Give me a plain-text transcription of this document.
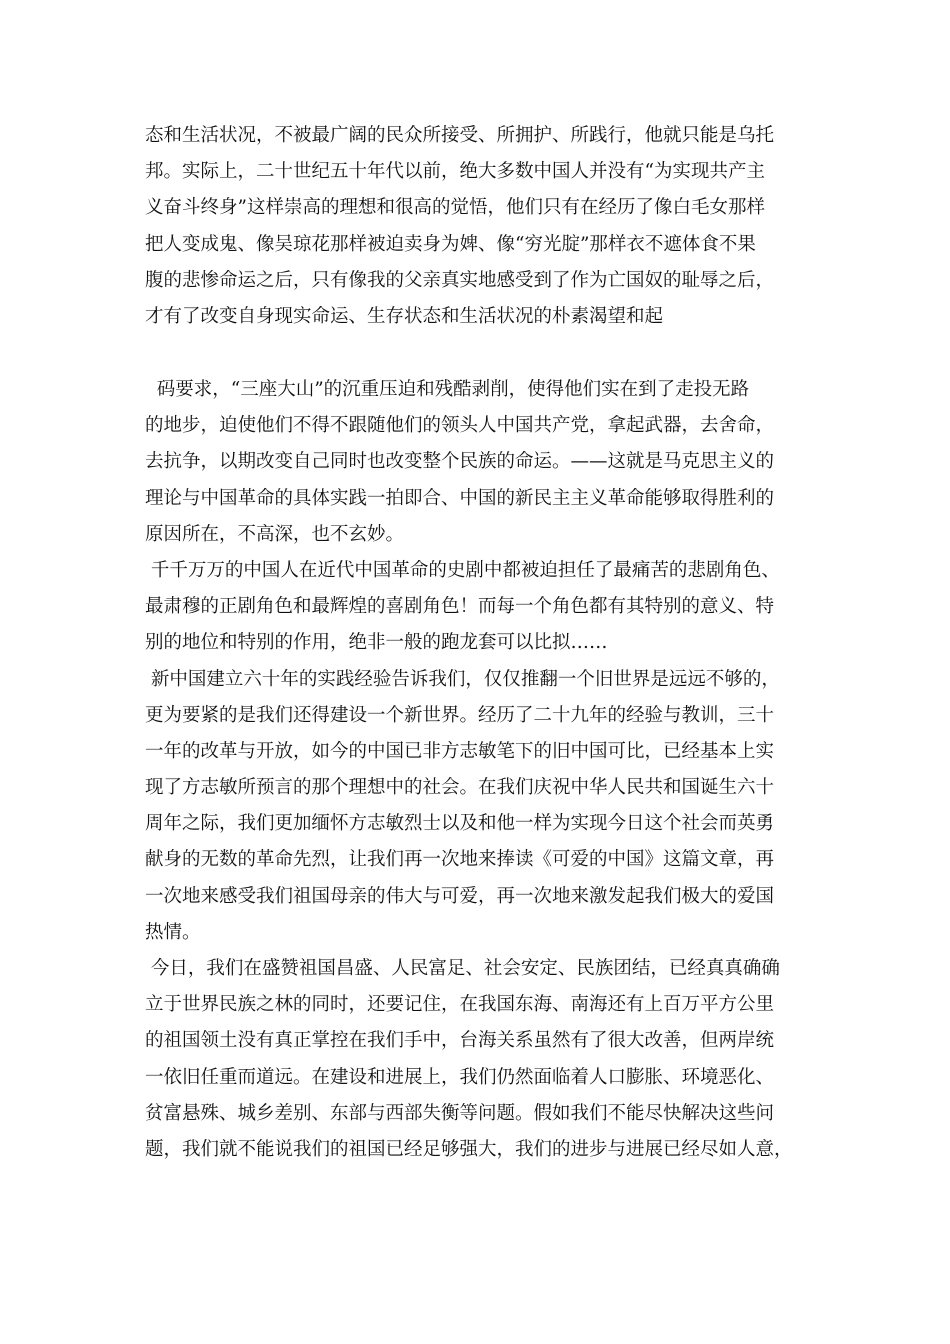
态和生活状况，不被最广阔的民众所接受、所拥护、所践行，他就只能是乌托
邦。实际上，二十世纪五十年代以前，绝大多数中国人并没有“为实现共产主
义奋斗终身”这样崇高的理想和很高的觉悟，他们只有在经历了像白毛女那样
把人变成鬼、像吴琼花那样被迫卖身为婢、像“穷光腚”那样衣不遮体食不果
腹的悲惨命运之后，只有像我的父亲真实地感受到了作为亡国奴的耻辱之后，
才有了改变自身现实命运、生存状态和生活状况的朴素渴望和起
码要求，“三座大山”的沉重压迫和残酷剥削，使得他们实在到了走投无路
的地步，迫使他们不得不跟随他们的领头人中国共产党，拿起武器，去舍命，
去抗争，以期改变自己同时也改变整个民族的命运。——这就是马克思主义的
理论与中国革命的具体实践一拍即合、中国的新民主主义革命能够取得胜利的
原因所在，不高深，也不玄妙。
千千万万的中国人在近代中国革命的史剧中都被迫担任了最痛苦的悲剧角色、
最肃穆的正剧角色和最辉煌的喜剧角色！而每一个角色都有其特别的意义、特
别的地位和特别的作用，绝非一般的跑龙套可以比拟……
新中国建立六十年的实践经验告诉我们，仅仅推翻一个旧世界是远远不够的，
更为要紧的是我们还得建设一个新世界。经历了二十九年的经验与教训，三十
一年的改革与开放，如今的中国已非方志敏笔下的旧中国可比，已经基本上实
现了方志敏所预言的那个理想中的社会。在我们庆祝中华人民共和国诞生六十
周年之际，我们更加缅怀方志敏烈士以及和他一样为实现今日这个社会而英勇
献身的无数的革命先烈，让我们再一次地来捧读《可爱的中国》这篇文章，再
一次地来感受我们祖国母亲的伟大与可爱，再一次地来激发起我们极大的爱国
热情。
今日，我们在盛赞祖国昌盛、人民富足、社会安定、民族团结，已经真真确确
立于世界民族之林的同时，还要记住，在我国东海、南海还有上百万平方公里
的祖国领土没有真正掌控在我们手中，台海关系虽然有了很大改善，但两岸统
一依旧任重而道远。在建设和进展上，我们仍然面临着人口膨胀、环境恶化、
贫富悬殊、城乡差别、东部与西部失衡等问题。假如我们不能尽快解决这些问
题，我们就不能说我们的祖国已经足够强大，我们的进步与进展已经尽如人意，
